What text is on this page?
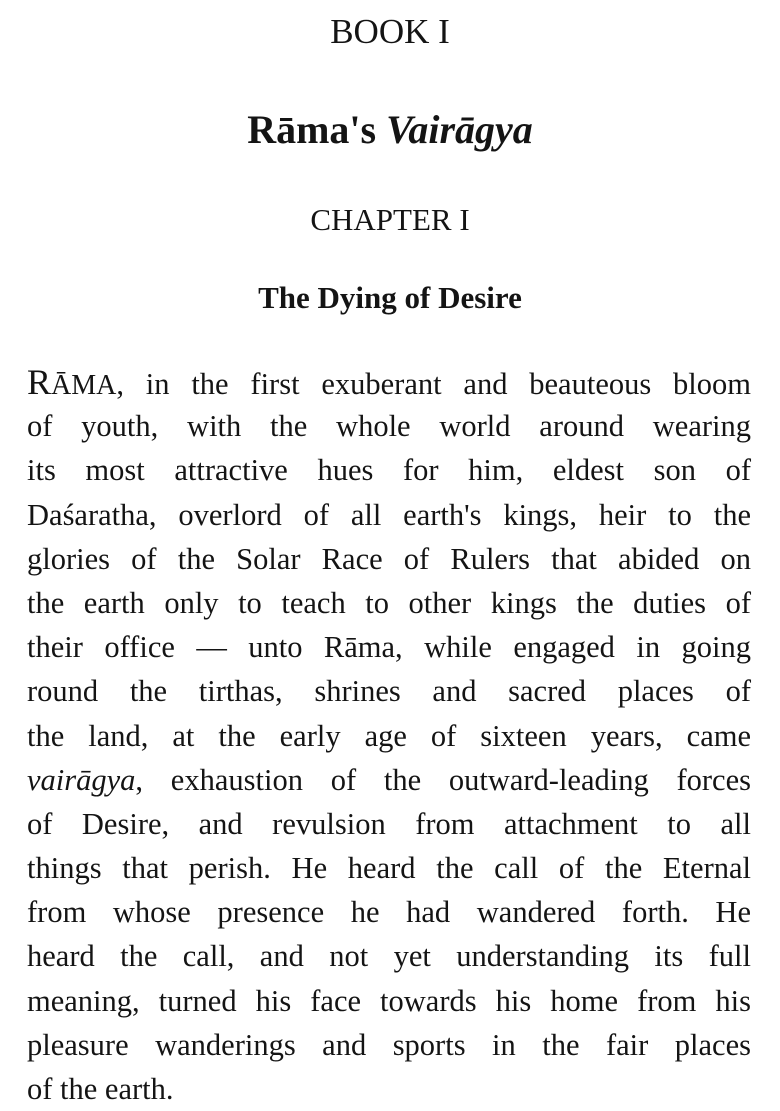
BOOK I
Rāma's Vairāgya
CHAPTER I
The Dying of Desire
RĀMA, in the first exuberant and beauteous bloom
of youth, with the whole world around wearing
its most attractive hues for him, eldest son of
Daśaratha, overlord of all earth's kings, heir to the
glories of the Solar Race of Rulers that abided on
the earth only to teach to other kings the duties of
their office — unto Rāma, while engaged in going
round the tirthas, shrines and sacred places of
the land, at the early age of sixteen years, came
vairāgya, exhaustion of the outward-leading forces
of Desire, and revulsion from attachment to all
things that perish. He heard the call of the Eternal
from whose presence he had wandered forth. He
heard the call, and not yet understanding its full
meaning, turned his face towards his home from his
pleasure wanderings and sports in the fair places
of the earth.
